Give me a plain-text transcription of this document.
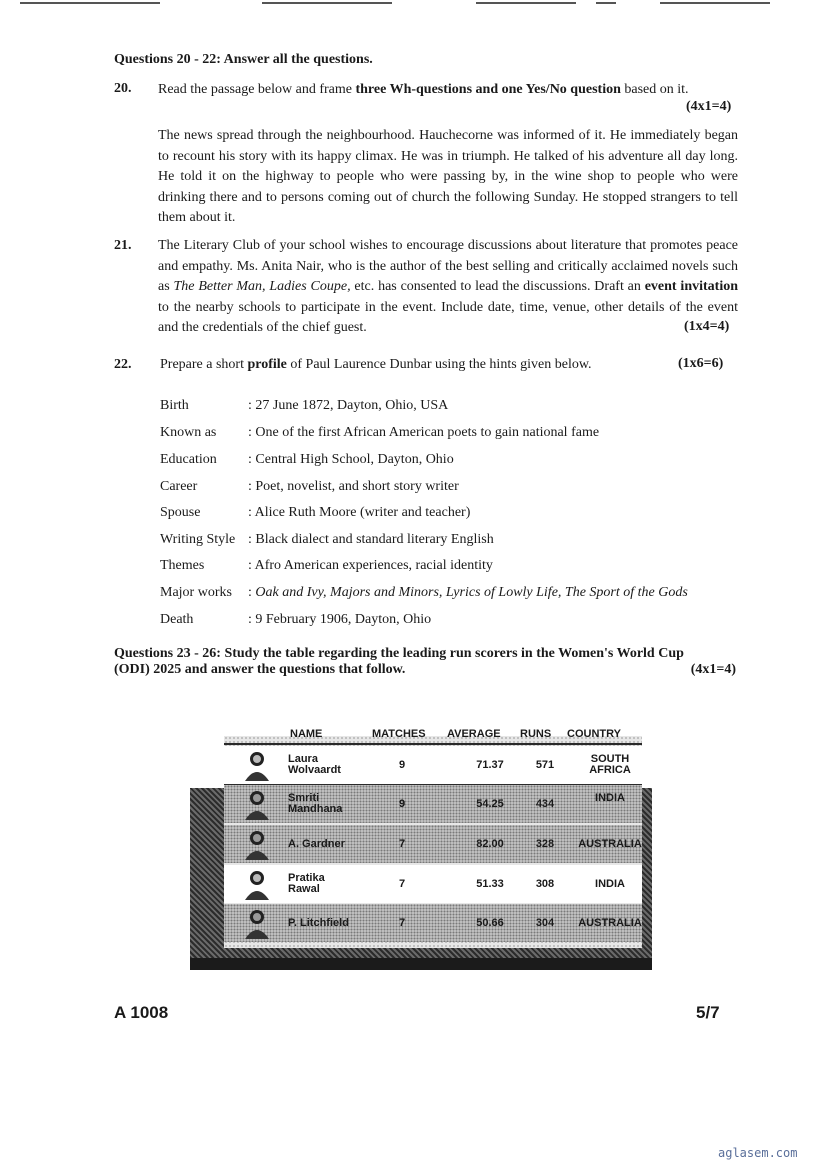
Questions 20 - 22: Answer all the questions.
20. Read the passage below and frame three Wh-questions and one Yes/No question based on it.
(4x1=4)
The news spread through the neighbourhood. Hauchecorne was informed of it. He immediately began to recount his story with its happy climax. He was in triumph. He talked of his adventure all day long. He told it on the highway to people who were passing by, in the wine shop to people who were drinking there and to persons coming out of church the following Sunday. He stopped strangers to tell them about it.
21. The Literary Club of your school wishes to encourage discussions about literature that promotes peace and empathy. Ms. Anita Nair, who is the author of the best selling and critically acclaimed novels such as The Better Man, Ladies Coupe, etc. has consented to lead the discussions. Draft an event invitation to the nearby schools to participate in the event. Include date, time, venue, other details of the event and the credentials of the chief guest.	(1x4=4)
22. Prepare a short profile of Paul Laurence Dunbar using the hints given below.	(1x6=6)
Birth	: 27 June 1872, Dayton, Ohio, USA
Known as	: One of the first African American poets to gain national fame
Education	: Central High School, Dayton, Ohio
Career	: Poet, novelist, and short story writer
Spouse	: Alice Ruth Moore (writer and teacher)
Writing Style : Black dialect and standard literary English
Themes	: Afro American experiences, racial identity
Major works	: Oak and Ivy, Majors and Minors, Lyrics of Lowly Life, The Sport of the Gods
Death	: 9 February 1906, Dayton, Ohio
Questions 23 - 26: Study the table regarding the leading run scorers in the Women's World Cup
(ODI) 2025 and answer the questions that follow.	(4x1=4)
NAME	MATCHES AVERAGE RUNS COUNTRY
Laura
Wolvaardt	9	71.37	571	SOUTH
AFRICA
Smriti
Mandhana	9	54.25	434	INDIA
A. Gardner	7	82.00	328	AUSTRALIA
Pratika
Rawal	7	51.33	308	INDIA
P. Litchfield	7	50.66	304	AUSTRALIA
A 1008	5/7
aglasem.com
